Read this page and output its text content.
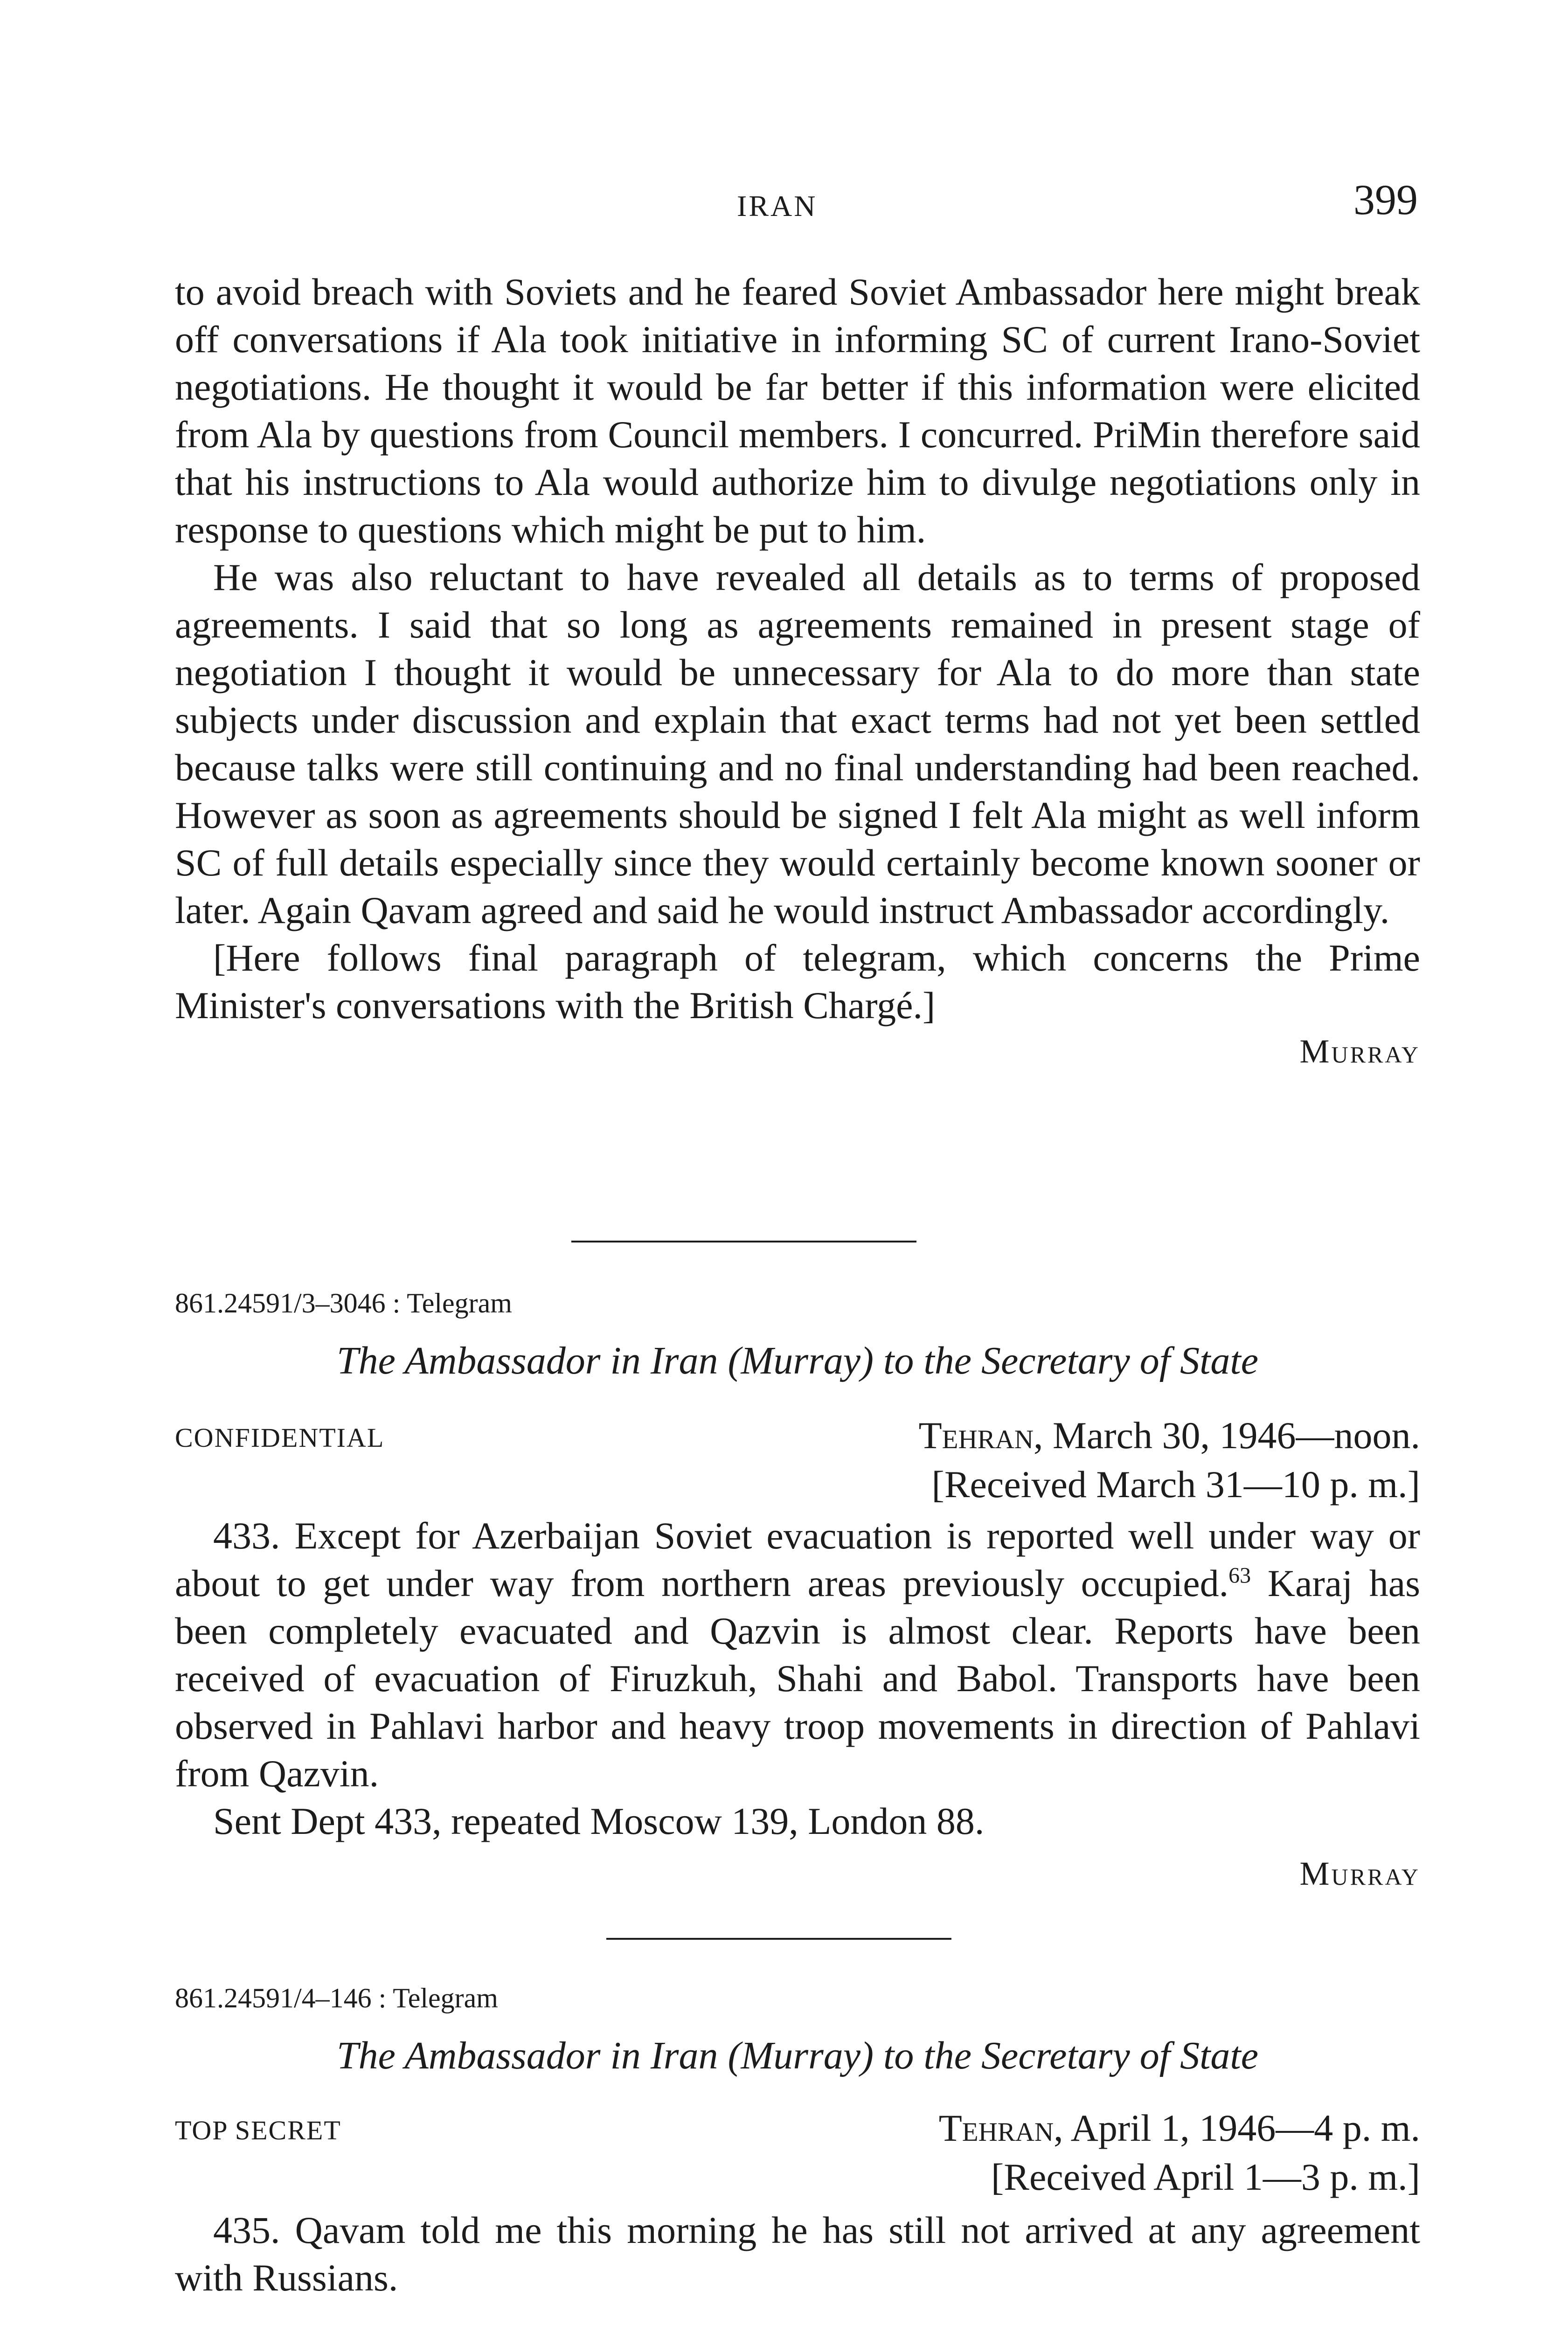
IRAN	399

to avoid breach with Soviets and he feared Soviet Ambassador here might break off conversations if Ala took initiative in informing SC of current Irano-Soviet negotiations. He thought it would be far better if this information were elicited from Ala by questions from Council members. I concurred. PriMin therefore said that his instructions to Ala would authorize him to divulge negotiations only in response to questions which might be put to him.

He was also reluctant to have revealed all details as to terms of proposed agreements. I said that so long as agreements remained in present stage of negotiation I thought it would be unnecessary for Ala to do more than state subjects under discussion and explain that exact terms had not yet been settled because talks were still continuing and no final understanding had been reached. However as soon as agreements should be signed I felt Ala might as well inform SC of full details especially since they would certainly become known sooner or later. Again Qavam agreed and said he would instruct Ambassador accordingly.

[Here follows final paragraph of telegram, which concerns the Prime Minister's conversations with the British Chargé.]

Murray

861.24591/3–3046 : Telegram

The Ambassador in Iran (Murray) to the Secretary of State

CONFIDENTIAL	Tehran, March 30, 1946—noon.

[Received March 31—10 p. m.]

433. Except for Azerbaijan Soviet evacuation is reported well under way or about to get under way from northern areas previously occupied.$^{63}$ Karaj has been completely evacuated and Qazvin is almost clear. Reports have been received of evacuation of Firuzkuh, Shahi and Babol. Transports have been observed in Pahlavi harbor and heavy troop movements in direction of Pahlavi from Qazvin.

Sent Dept 433, repeated Moscow 139, London 88.

Murray

861.24591/4–146 : Telegram

The Ambassador in Iran (Murray) to the Secretary of State

TOP SECRET	Tehran, April 1, 1946—4 p. m.

[Received April 1—3 p. m.]

435. Qavam told me this morning he has still not arrived at any agreement with Russians.
